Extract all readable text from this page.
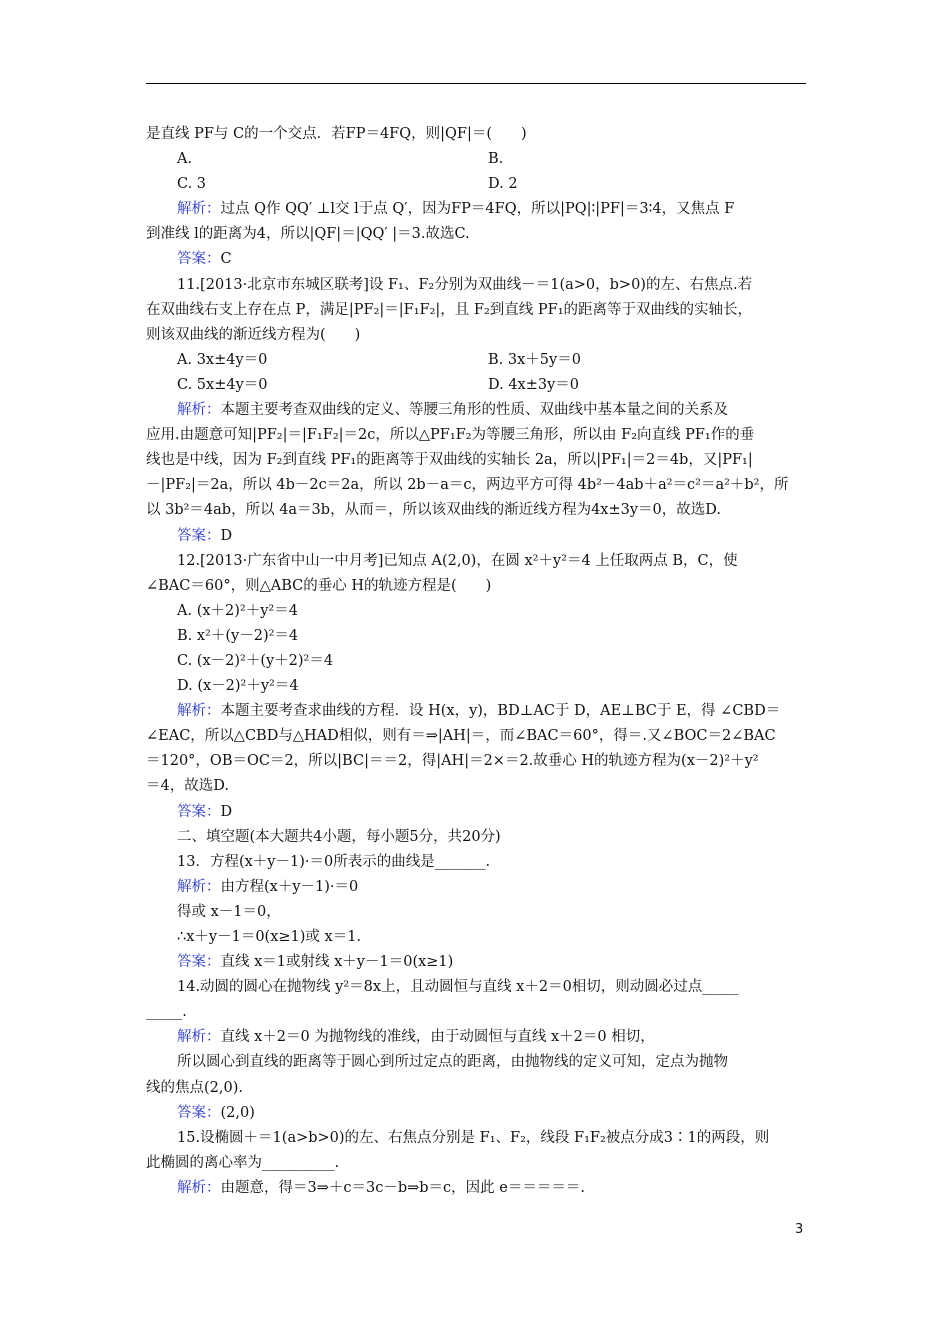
是直线 PF与 C的一个交点．若FP＝4FQ，则|QF|＝(　　)
A.	B.
C. 3	D. 2
解析：过点 Q作 QQ′ ⊥l交 l于点 Q′，因为FP＝4FQ，所以|PQ|∶|PF|＝3∶4，又焦点 F
到准线 l的距离为4，所以|QF|＝|QQ′ |＝3.故选C.
答案：C
11.[2013·北京市东城区联考]设 F₁、F₂分别为双曲线－＝1(a>0，b>0)的左、右焦点.若
在双曲线右支上存在点 P，满足|PF₂|＝|F₁F₂|，且 F₂到直线 PF₁的距离等于双曲线的实轴长，
则该双曲线的渐近线方程为(　　)
A. 3x±4y＝0	B. 3x＋5y＝0
C. 5x±4y＝0	D. 4x±3y＝0
解析：本题主要考查双曲线的定义、等腰三角形的性质、双曲线中基本量之间的关系及
应用.由题意可知|PF₂|＝|F₁F₂|＝2c，所以△PF₁F₂为等腰三角形，所以由 F₂向直线 PF₁作的垂
线也是中线，因为 F₂到直线 PF₁的距离等于双曲线的实轴长 2a，所以|PF₁|＝2＝4b，又|PF₁|
－|PF₂|＝2a，所以 4b－2c＝2a，所以 2b－a＝c，两边平方可得 4b²－4ab＋a²＝c²＝a²＋b²，所
以 3b²＝4ab，所以 4a＝3b，从而＝，所以该双曲线的渐近线方程为4x±3y＝0，故选D.
答案：D
12.[2013·广东省中山一中月考]已知点 A(2,0)，在圆 x²＋y²＝4 上任取两点 B，C，使
∠BAC＝60°，则△ABC的垂心 H的轨迹方程是(　　)
A. (x＋2)²＋y²＝4
B. x²＋(y－2)²＝4
C. (x－2)²＋(y＋2)²＝4
D. (x－2)²＋y²＝4
解析：本题主要考查求曲线的方程．设 H(x，y)，BD⊥AC于 D，AE⊥BC于 E，得 ∠CBD＝
∠EAC，所以△CBD与△HAD相似，则有＝⇒|AH|＝，而∠BAC＝60°，得＝.又∠BOC＝2∠BAC
＝120°，OB＝OC＝2，所以|BC|＝＝2，得|AH|＝2×＝2.故垂心 H的轨迹方程为(x－2)²＋y²
＝4，故选D.
答案：D
二、填空题(本大题共4小题，每小题5分，共20分)
13．方程(x＋y－1)·＝0所表示的曲线是_______.
解析：由方程(x＋y－1)·＝0
得或 x－1＝0，
∴x＋y－1＝0(x≥1)或 x＝1.
答案：直线 x＝1或射线 x＋y－1＝0(x≥1)
14.动圆的圆心在抛物线 y²＝8x上，且动圆恒与直线 x＋2＝0相切，则动圆必过点_____
_____.
解析：直线 x＋2＝0 为抛物线的准线，由于动圆恒与直线 x＋2＝0 相切，
所以圆心到直线的距离等于圆心到所过定点的距离，由抛物线的定义可知，定点为抛物
线的焦点(2,0).
答案：(2,0)
15.设椭圆＋＝1(a>b>0)的左、右焦点分别是 F₁、F₂，线段 F₁F₂被点分成3∶1的两段，则
此椭圆的离心率为__________.
解析：由题意，得＝3⇒＋c＝3c－b⇒b＝c，因此 e＝＝＝＝＝.
3
